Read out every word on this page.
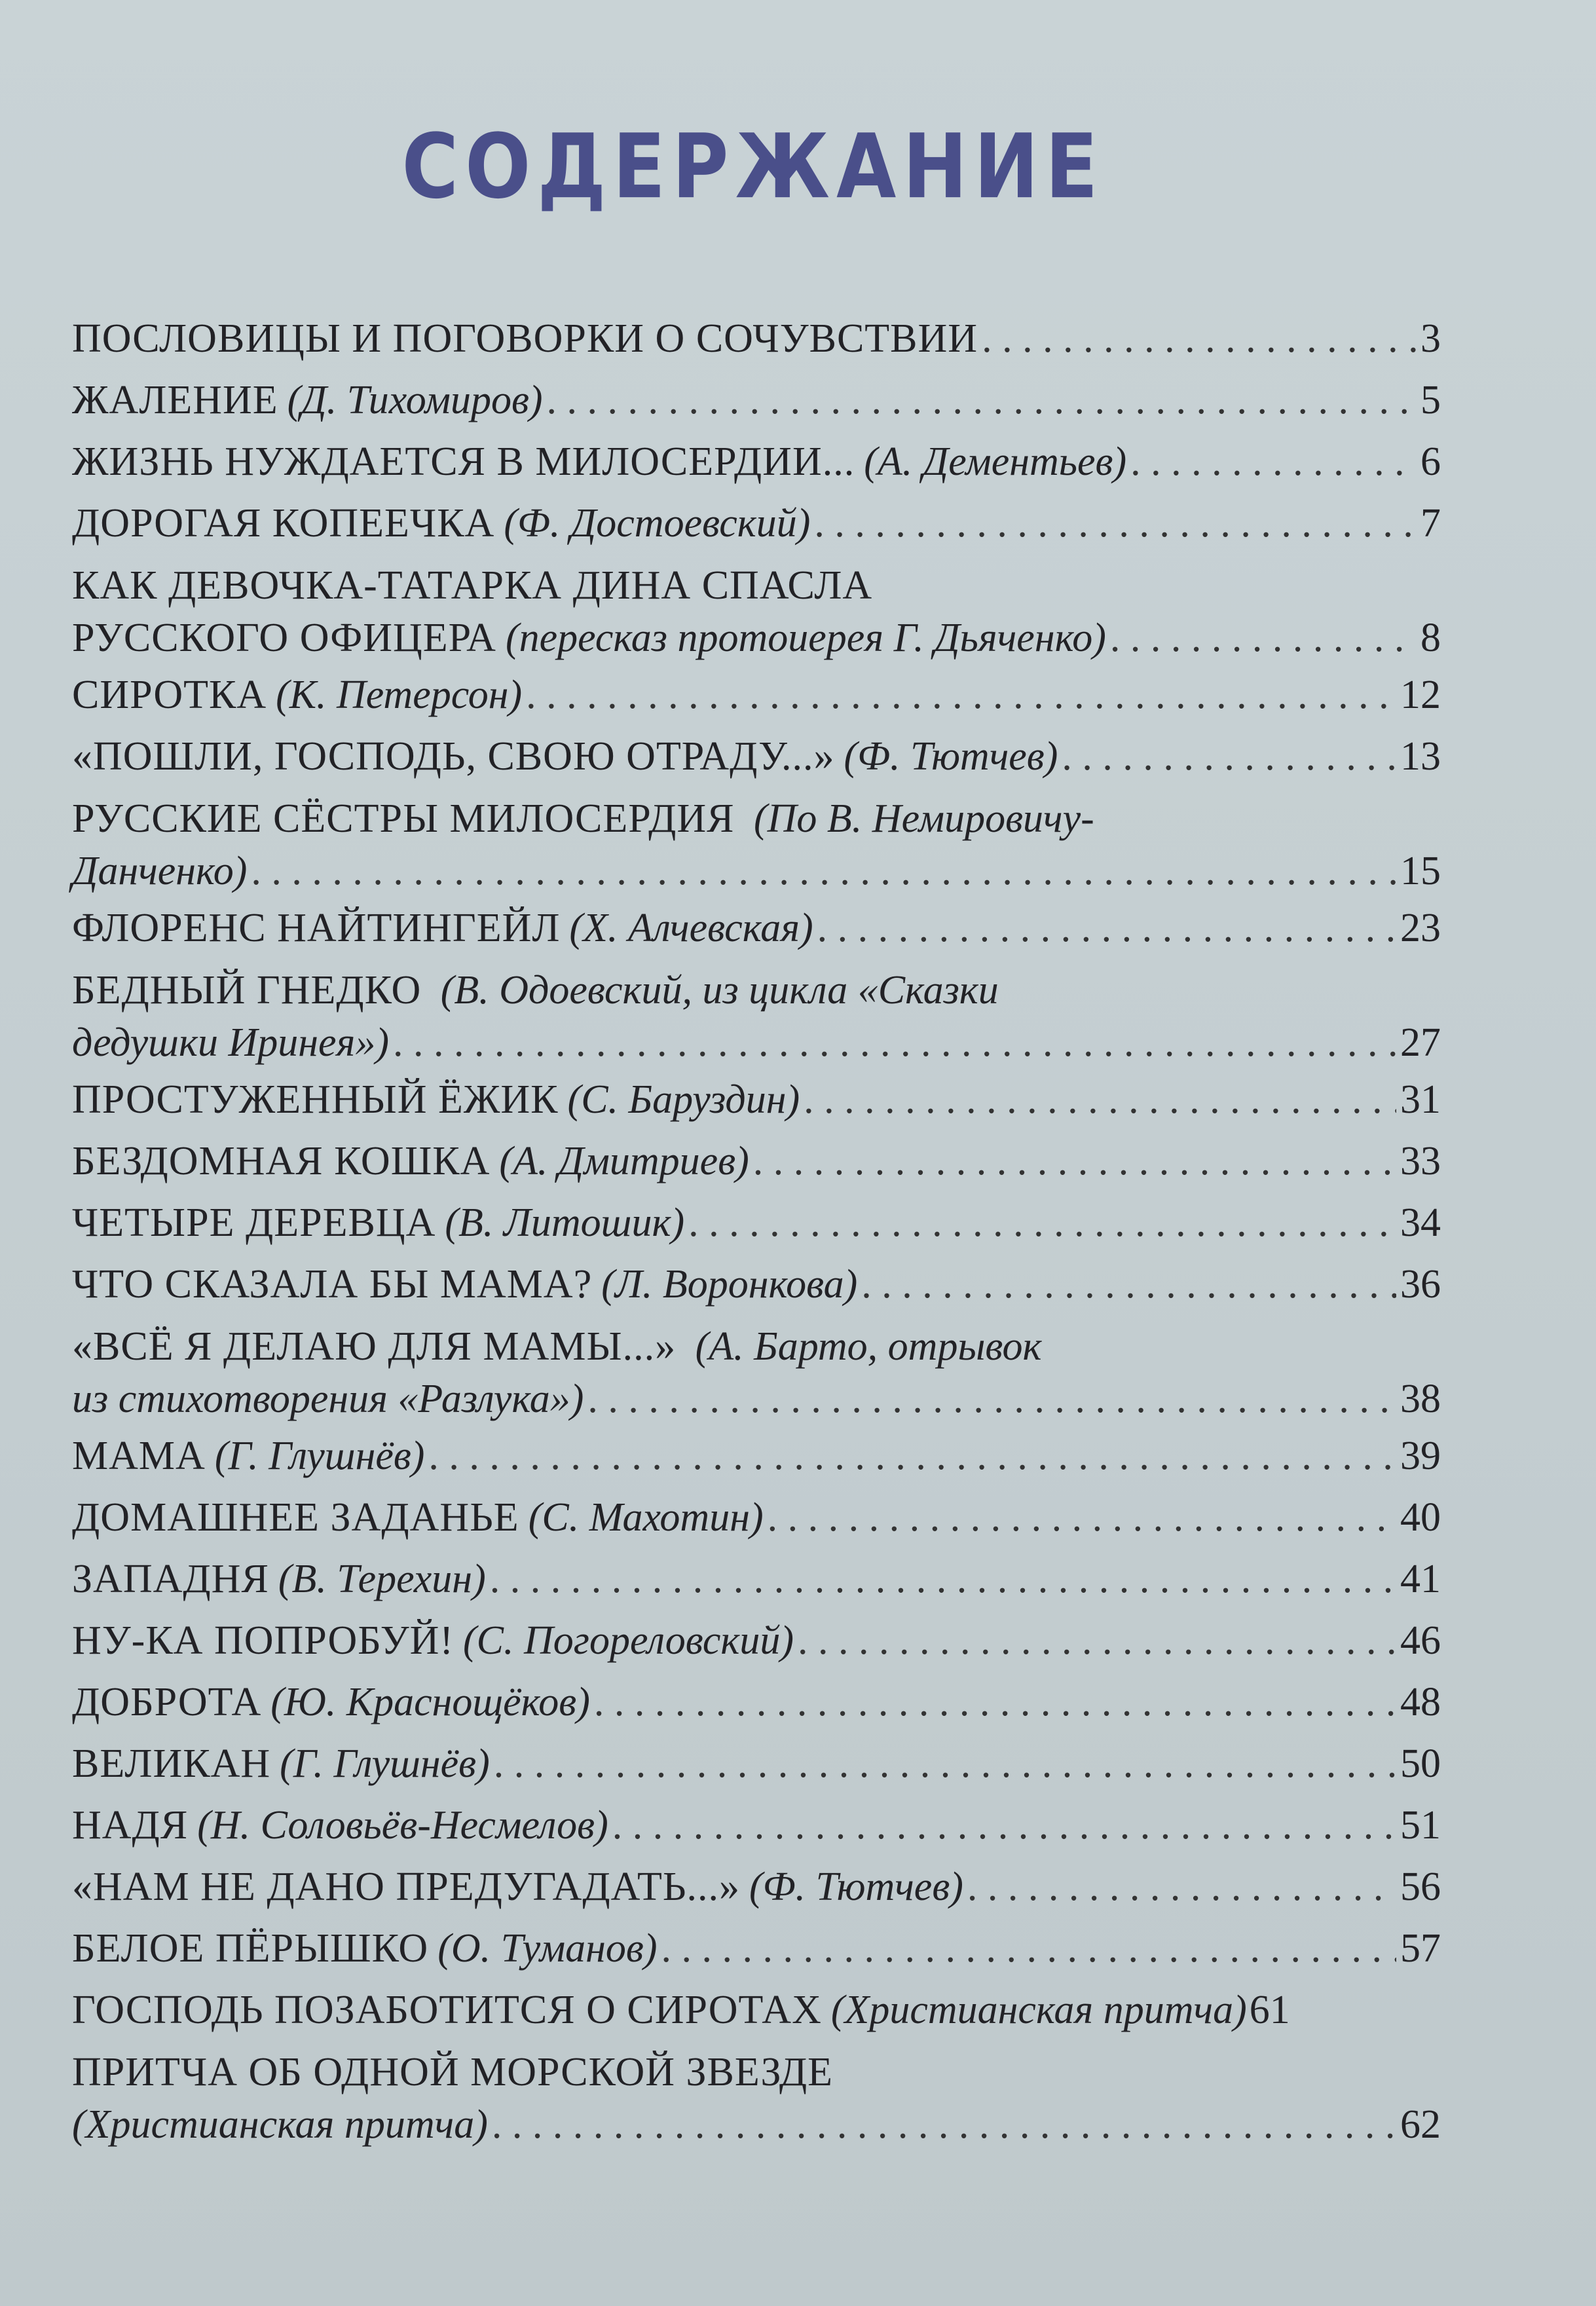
СОДЕРЖАНИЕ
ПОСЛОВИЦЫ И ПОГОВОРКИ О СОЧУВСТВИИ . . .	3
ЖАЛЕНИЕ (Д. Тихомиров) . . .	5
ЖИЗНЬ НУЖДАЕТСЯ В МИЛОСЕРДИИ... (А. Дементьев) . . .	6
ДОРОГАЯ КОПЕЕЧКА (Ф. Достоевский) . . .	7
КАК ДЕВОЧКА-ТАТАРКА ДИНА СПАСЛА
РУССКОГО ОФИЦЕРА (пересказ протоиерея Г. Дьяченко) . . .	8
СИРОТКА (К. Петерсон) . . .	12
«ПОШЛИ, ГОСПОДЬ, СВОЮ ОТРАДУ...» (Ф. Тютчев) . . .	13
РУССКИЕ СЁСТРЫ МИЛОСЕРДИЯ (По В. Немировичу-
Данченко) . . .	15
ФЛОРЕНС НАЙТИНГЕЙЛ (Х. Алчевская) . . .	23
БЕДНЫЙ ГНЕДКО (В. Одоевский, из цикла «Сказки
дедушки Иринея») . . .	27
ПРОСТУЖЕННЫЙ ЁЖИК (С. Баруздин) . . .	31
БЕЗДОМНАЯ КОШКА (А. Дмитриев) . . .	33
ЧЕТЫРЕ ДЕРЕВЦА (В. Литошик) . . .	34
ЧТО СКАЗАЛА БЫ МАМА? (Л. Воронкова) . . .	36
«ВСЁ Я ДЕЛАЮ ДЛЯ МАМЫ...» (А. Барто, отрывок
из стихотворения «Разлука») . . .	38
МАМА (Г. Глушнёв) . . .	39
ДОМАШНЕЕ ЗАДАНЬЕ (С. Махотин) . . .	40
ЗАПАДНЯ (В. Терехин) . . .	41
НУ-КА ПОПРОБУЙ! (С. Погореловский) . . .	46
ДОБРОТА (Ю. Краснощёков) . . .	48
ВЕЛИКАН (Г. Глушнёв) . . .	50
НАДЯ (Н. Соловьёв-Несмелов) . . .	51
«НАМ НЕ ДАНО ПРЕДУГАДАТЬ...» (Ф. Тютчев) . . .	56
БЕЛОЕ ПЁРЫШКО (О. Туманов) . . .	57
ГОСПОДЬ ПОЗАБОТИТСЯ О СИРОТАХ (Христианская притча) 61
ПРИТЧА ОБ ОДНОЙ МОРСКОЙ ЗВЕЗДЕ
(Христианская притча) . . .	62
